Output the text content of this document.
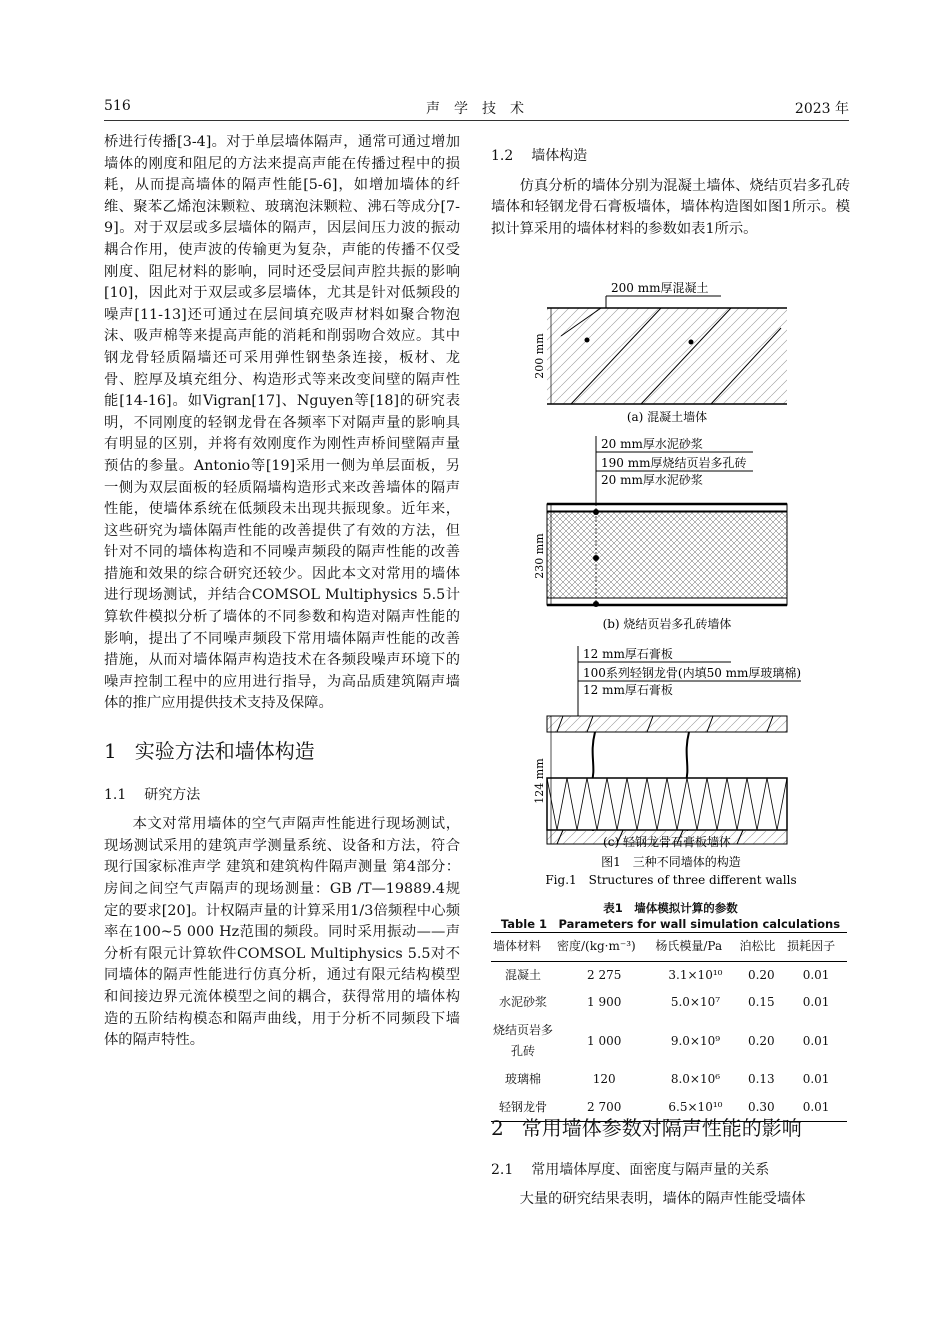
516	声　学　技　术	2023 年

桥进行传播[3-4]。对于单层墙体隔声，通常可通过增加墙体的刚度和阻尼的方法来提高声能在传播过程中的损耗，从而提高墙体的隔声性能[5-6]，如增加墙体的纤维、聚苯乙烯泡沫颗粒、玻璃泡沫颗粒、沸石等成分[7-9]。对于双层或多层墙体的隔声，因层间压力波的振动耦合作用，使声波的传输更为复杂，声能的传播不仅受刚度、阻尼材料的影响，同时还受层间声腔共振的影响[10]，因此对于双层或多层墙体，尤其是针对低频段的噪声[11-13]还可通过在层间填充吸声材料如聚合物泡沫、吸声棉等来提高声能的消耗和削弱吻合效应。其中钢龙骨轻质隔墙还可采用弹性钢垫条连接，板材、龙骨、腔厚及填充组分、构造形式等来改变间壁的隔声性能[14-16]。如Vigran[17]、Nguyen等[18]的研究表明，不同刚度的轻钢龙骨在各频率下对隔声量的影响具有明显的区别，并将有效刚度作为刚性声桥间壁隔声量预估的参量。Antonio等[19]采用一侧为单层面板，另一侧为双层面板的轻质隔墙构造形式来改善墙体的隔声性能，使墙体系统在低频段未出现共振现象。近年来，这些研究为墙体隔声性能的改善提供了有效的方法，但针对不同的墙体构造和不同噪声频段的隔声性能的改善措施和效果的综合研究还较少。因此本文对常用的墙体进行现场测试，并结合COMSOL Multiphysics 5.5计算软件模拟分析了墙体的不同参数和构造对隔声性能的影响，提出了不同噪声频段下常用墙体隔声性能的改善措施，从而对墙体隔声构造技术在各频段噪声环境下的噪声控制工程中的应用进行指导，为高品质建筑隔声墙体的推广应用提供技术支持及保障。

1 实验方法和墙体构造
1.1 研究方法

本文对常用墙体的空气声隔声性能进行现场测试，现场测试采用的建筑声学测量系统、设备和方法，符合现行国家标准声学 建筑和建筑构件隔声测量 第4部分：房间之间空气声隔声的现场测量：GB /T—19889.4规定的要求[20]。计权隔声量的计算采用1/3倍频程中心频率在100~5 000 Hz范围的频段。同时采用振动——声分析有限元计算软件COMSOL Multiphysics 5.5对不同墙体的隔声性能进行仿真分析，通过有限元结构模型和间接边界元流体模型之间的耦合，获得常用的墙体构造的五阶结构模态和隔声曲线，用于分析不同频段下墙体的隔声特性。

1.2 墙体构造

仿真分析的墙体分别为混凝土墙体、烧结页岩多孔砖墙体和轻钢龙骨石膏板墙体，墙体构造图如图1所示。模拟计算采用的墙体材料的参数如表1所示。

200 mm厚混凝土
200 mm
(a) 混凝土墙体
20 mm厚水泥砂浆
190 mm厚烧结页岩多孔砖
20 mm厚水泥砂浆
230 mm
(b) 烧结页岩多孔砖墙体
12 mm厚石膏板
100系列轻钢龙骨(内填50 mm厚玻璃棉)
12 mm厚石膏板
124 mm
(c) 轻钢龙骨石膏板墙体
图1　三种不同墙体的构造
Fig.1　Structures of three different walls
表1　墙体模拟计算的参数
Table 1　Parameters for wall simulation calculations
墙体材料	密度/(kg·m⁻³)	杨氏模量/Pa	泊松比	损耗因子
混凝土	2 275	3.1×10¹⁰	0.20	0.01
水泥砂浆	1 900	5.0×10⁷	0.15	0.01
烧结页岩多孔砖	1 000	9.0×10⁹	0.20	0.01
玻璃棉	120	8.0×10⁶	0.13	0.01
轻钢龙骨	2 700	6.5×10¹⁰	0.30	0.01
2 常用墙体参数对隔声性能的影响
2.1 常用墙体厚度、面密度与隔声量的关系

大量的研究结果表明，墙体的隔声性能受墙体
